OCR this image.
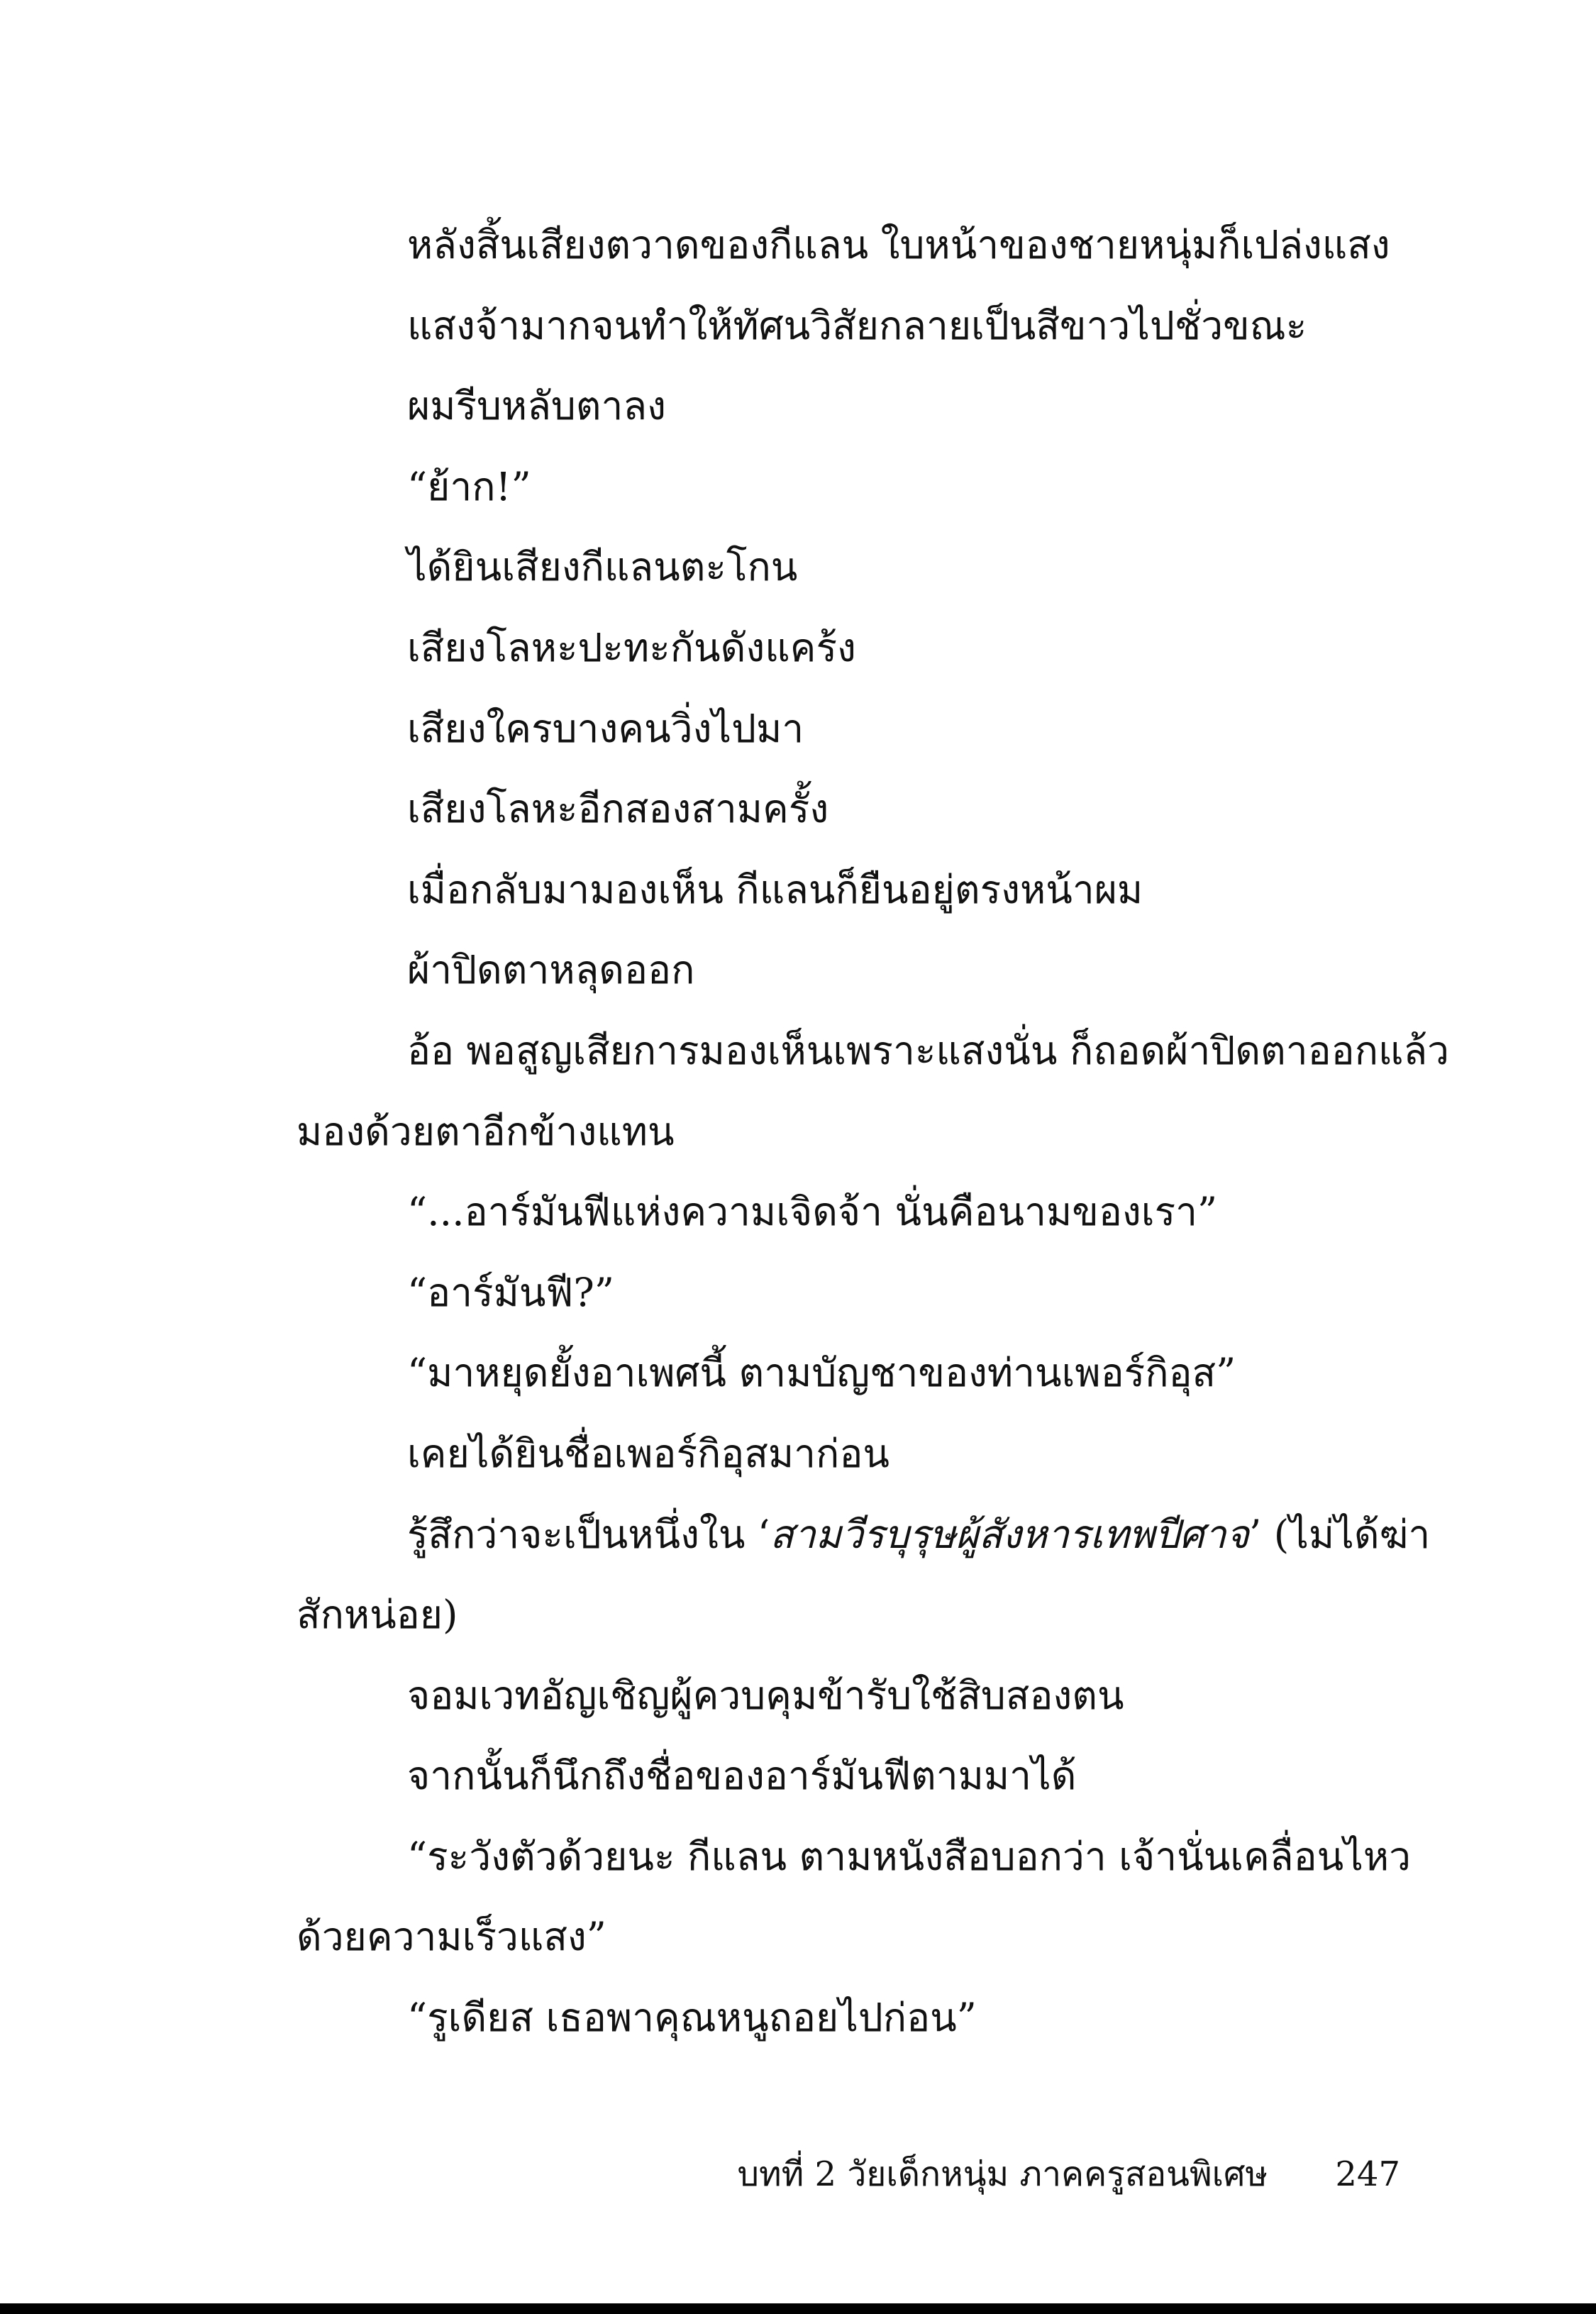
หลังสิ้นเสียงตวาดของกีแลน ใบหน้าของชายหนุ่มก็เปล่งแสง
แสงจ้ามากจนทำให้ทัศนวิสัยกลายเป็นสีขาวไปชั่วขณะ
ผมรีบหลับตาลง
“ย้าก!”
ได้ยินเสียงกีแลนตะโกน
เสียงโลหะปะทะกันดังแคร้ง
เสียงใครบางคนวิ่งไปมา
เสียงโลหะอีกสองสามครั้ง
เมื่อกลับมามองเห็น กีแลนก็ยืนอยู่ตรงหน้าผม
ผ้าปิดตาหลุดออก
อ้อ พอสูญเสียการมองเห็นเพราะแสงนั่น ก็ถอดผ้าปิดตาออกแล้ว
มองด้วยตาอีกข้างแทน
“...อาร์มันฟีแห่งความเจิดจ้า นั่นคือนามของเรา”
“อาร์มันฟี?”
“มาหยุดยั้งอาเพศนี้ ตามบัญชาของท่านเพอร์กิอุส”
เคยได้ยินชื่อเพอร์กิอุสมาก่อน
รู้สึกว่าจะเป็นหนึ่งใน ‘สามวีรบุรุษผู้สังหารเทพปีศาจ’ (ไม่ได้ฆ่า
สักหน่อย)
จอมเวทอัญเชิญผู้ควบคุมข้ารับใช้สิบสองตน
จากนั้นก็นึกถึงชื่อของอาร์มันฟีตามมาได้
“ระวังตัวด้วยนะ กีแลน ตามหนังสือบอกว่า เจ้านั่นเคลื่อนไหว
ด้วยความเร็วแสง”
“รูเดียส เธอพาคุณหนูถอยไปก่อน”
บทที่ 2 วัยเด็กหนุ่ม ภาคครูสอนพิเศษ 247
